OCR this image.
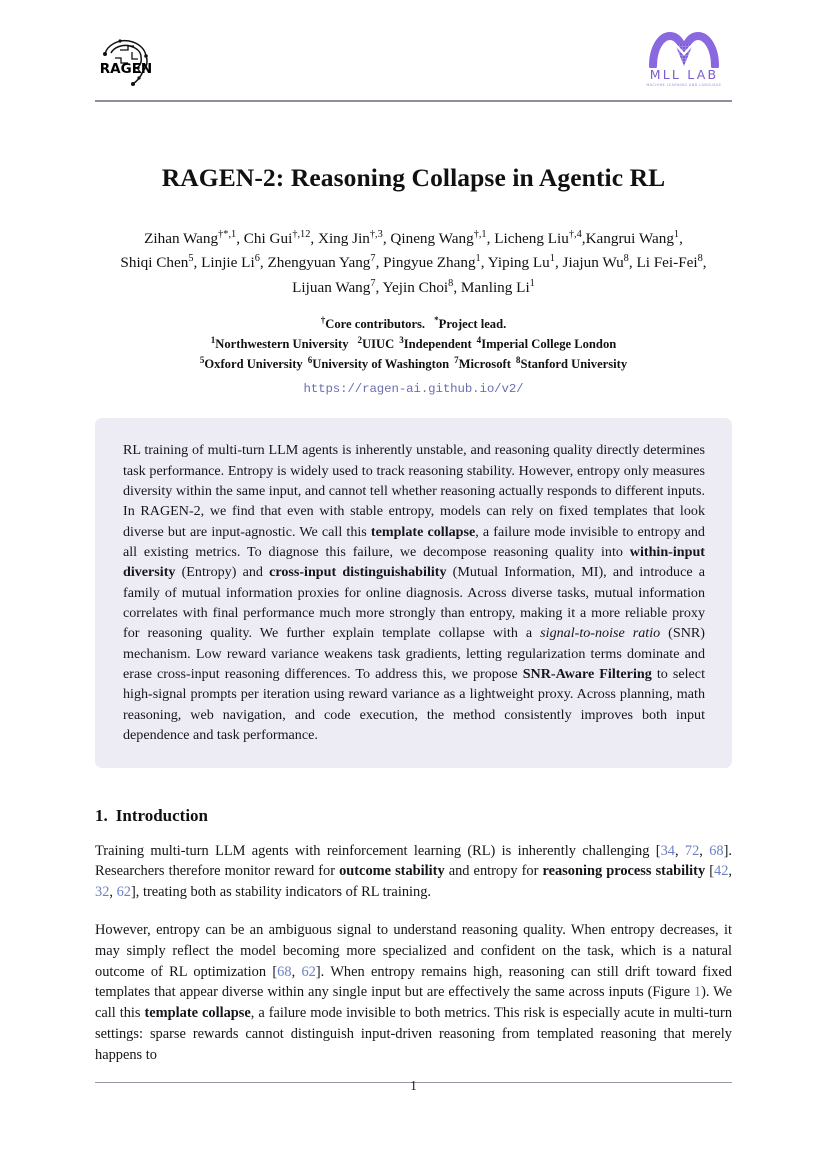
RAGEN	MLL LAB
MACHINE LEARNING AND LANGUAGE
RAGEN-2: Reasoning Collapse in Agentic RL
Zihan Wang$^{\dagger*,1}$, Chi Gui$^{\dagger,12}$, Xing Jin$^{\dagger,3}$, Qineng Wang$^{\dagger,1}$, Licheng Liu$^{\dagger,4}$,Kangrui Wang$^1$,
Shiqi Chen$^5$, Linjie Li$^6$, Zhengyuan Yang$^7$, Pingyue Zhang$^1$, Yiping Lu$^1$, Jiajun Wu$^8$, Li Fei-Fei$^8$,
Lijuan Wang$^7$, Yejin Choi$^8$, Manling Li$^1$
†Core contributors. *Project lead.
$^1$Northwestern University $^2$UIUC $^3$Independent $^4$Imperial College London
$^5$Oxford University $^6$University of Washington $^7$Microsoft $^8$Stanford University
https://ragen-ai.github.io/v2/

RL training of multi-turn LLM agents is inherently unstable, and reasoning quality directly determines task performance. Entropy is widely used to track reasoning stability. However, entropy only measures diversity within the same input, and cannot tell whether reasoning actually responds to different inputs. In RAGEN-2, we find that even with stable entropy, models can rely on fixed templates that look diverse but are input-agnostic. We call this template collapse, a failure mode invisible to entropy and all existing metrics. To diagnose this failure, we decompose reasoning quality into within-input diversity (Entropy) and cross-input distinguishability (Mutual Information, MI), and introduce a family of mutual information proxies for online diagnosis. Across diverse tasks, mutual information correlates with final performance much more strongly than entropy, making it a more reliable proxy for reasoning quality. We further explain template collapse with a signal-to-noise ratio (SNR) mechanism. Low reward variance weakens task gradients, letting regularization terms dominate and erase cross-input reasoning differences. To address this, we propose SNR-Aware Filtering to select high-signal prompts per iteration using reward variance as a lightweight proxy. Across planning, math reasoning, web navigation, and code execution, the method consistently improves both input dependence and task performance.

1. Introduction

Training multi-turn LLM agents with reinforcement learning (RL) is inherently challenging [34, 72, 68]. Researchers therefore monitor reward for outcome stability and entropy for reasoning process stability [42, 32, 62], treating both as stability indicators of RL training.

However, entropy can be an ambiguous signal to understand reasoning quality. When entropy decreases, it may simply reflect the model becoming more specialized and confident on the task, which is a natural outcome of RL optimization [68, 62]. When entropy remains high, reasoning can still drift toward fixed templates that appear diverse within any single input but are effectively the same across inputs (Figure 1). We call this template collapse, a failure mode invisible to both metrics. This risk is especially acute in multi-turn settings: sparse rewards cannot distinguish input-driven reasoning from templated reasoning that merely happens to

1
